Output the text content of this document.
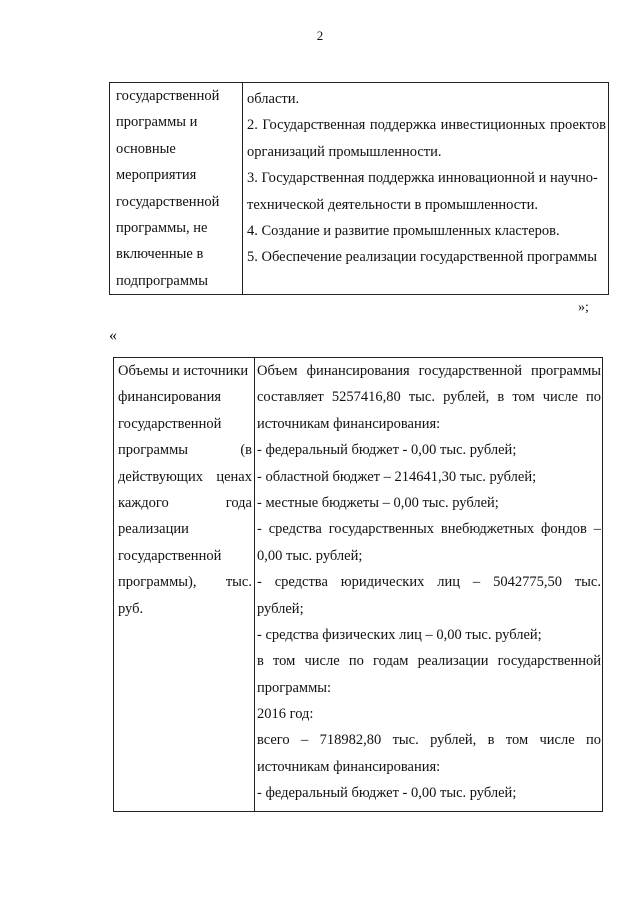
2
государственной
программы и
основные
мероприятия
государственной
программы, не
включенные в
подпрограммы

области.
2. Государственная поддержка инвестиционных проектов организаций промышленности.
3. Государственная поддержка инновационной и научно-технической деятельности в промышленности.
4. Создание и развитие промышленных кластеров.
5. Обеспечение реализации государственной программы
»;
«
Объемы и источники
финансирования
государственной
программы (в
действующих ценах
каждого года
реализации
государственной
программы), тыс.
руб.

Объем финансирования государственной программы
составляет 5257416,80 тыс. рублей, в том числе по
источникам финансирования:
- федеральный бюджет - 0,00 тыс. рублей;
- областной бюджет – 214641,30 тыс. рублей;
- местные бюджеты – 0,00 тыс. рублей;
- средства государственных внебюджетных фондов –
0,00 тыс. рублей;
- средства юридических лиц – 5042775,50 тыс.
рублей;
- средства физических лиц – 0,00 тыс. рублей;
в том числе по годам реализации государственной
программы:
2016 год:
всего – 718982,80 тыс. рублей, в том числе по
источникам финансирования:
- федеральный бюджет - 0,00 тыс. рублей;
